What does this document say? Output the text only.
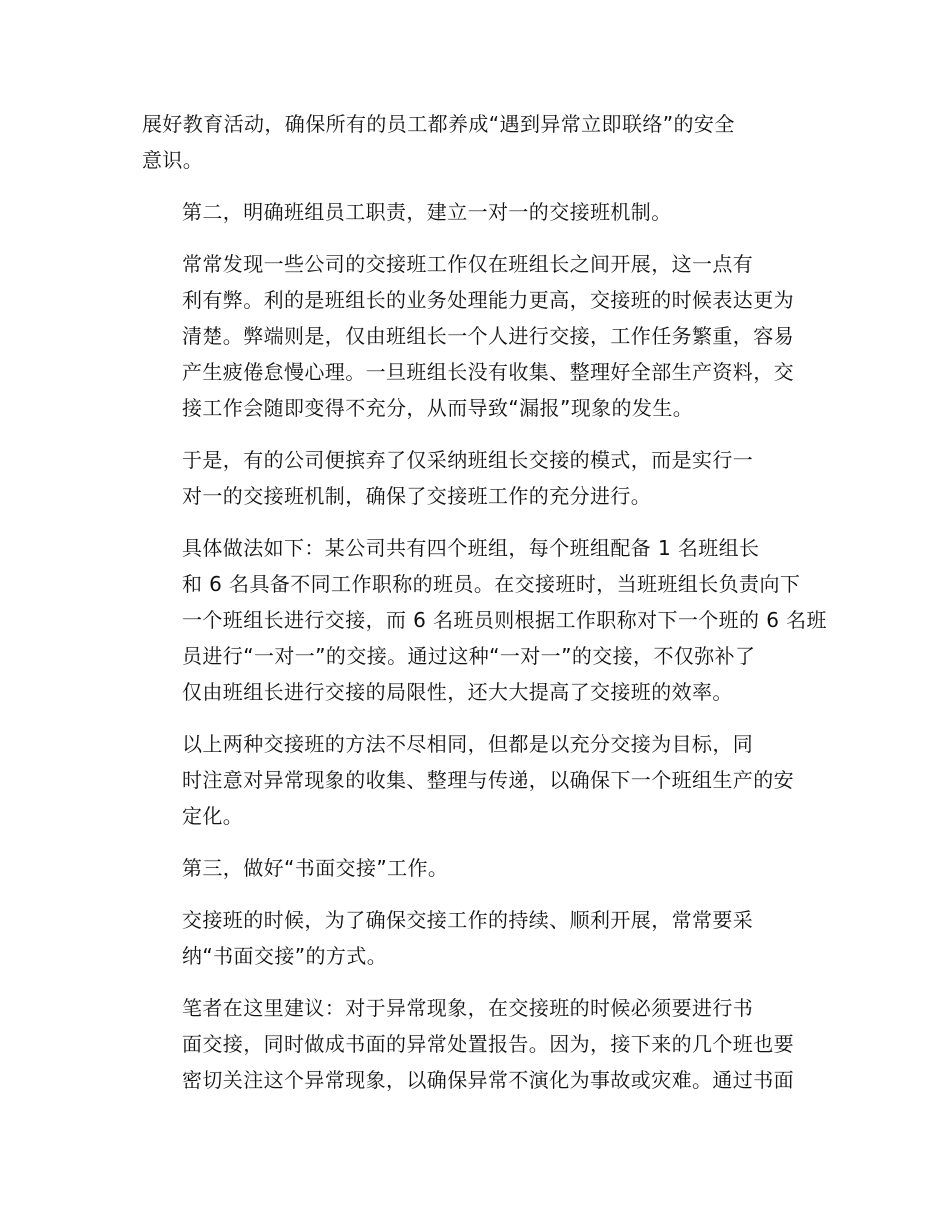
展好教育活动，确保所有的员工都养成“遇到异常立即联络”的安全
意识。

第二，明确班组员工职责，建立一对一的交接班机制。

常常发现一些公司的交接班工作仅在班组长之间开展，这一点有
利有弊。利的是班组长的业务处理能力更高，交接班的时候表达更为
清楚。弊端则是，仅由班组长一个人进行交接，工作任务繁重，容易
产生疲倦怠慢心理。一旦班组长没有收集、整理好全部生产资料，交
接工作会随即变得不充分，从而导致“漏报”现象的发生。

于是，有的公司便摈弃了仅采纳班组长交接的模式，而是实行一
对一的交接班机制，确保了交接班工作的充分进行。

具体做法如下：某公司共有四个班组，每个班组配备 1 名班组长
和 6 名具备不同工作职称的班员。在交接班时，当班班组长负责向下
一个班组长进行交接，而 6 名班员则根据工作职称对下一个班的 6 名班
员进行“一对一”的交接。通过这种“一对一”的交接，不仅弥补了
仅由班组长进行交接的局限性，还大大提高了交接班的效率。

以上两种交接班的方法不尽相同，但都是以充分交接为目标，同
时注意对异常现象的收集、整理与传递，以确保下一个班组生产的安
定化。

第三，做好“书面交接”工作。

交接班的时候，为了确保交接工作的持续、顺利开展，常常要采
纳“书面交接”的方式。

笔者在这里建议：对于异常现象，在交接班的时候必须要进行书
面交接，同时做成书面的异常处置报告。因为，接下来的几个班也要
密切关注这个异常现象，以确保异常不演化为事故或灾难。通过书面
